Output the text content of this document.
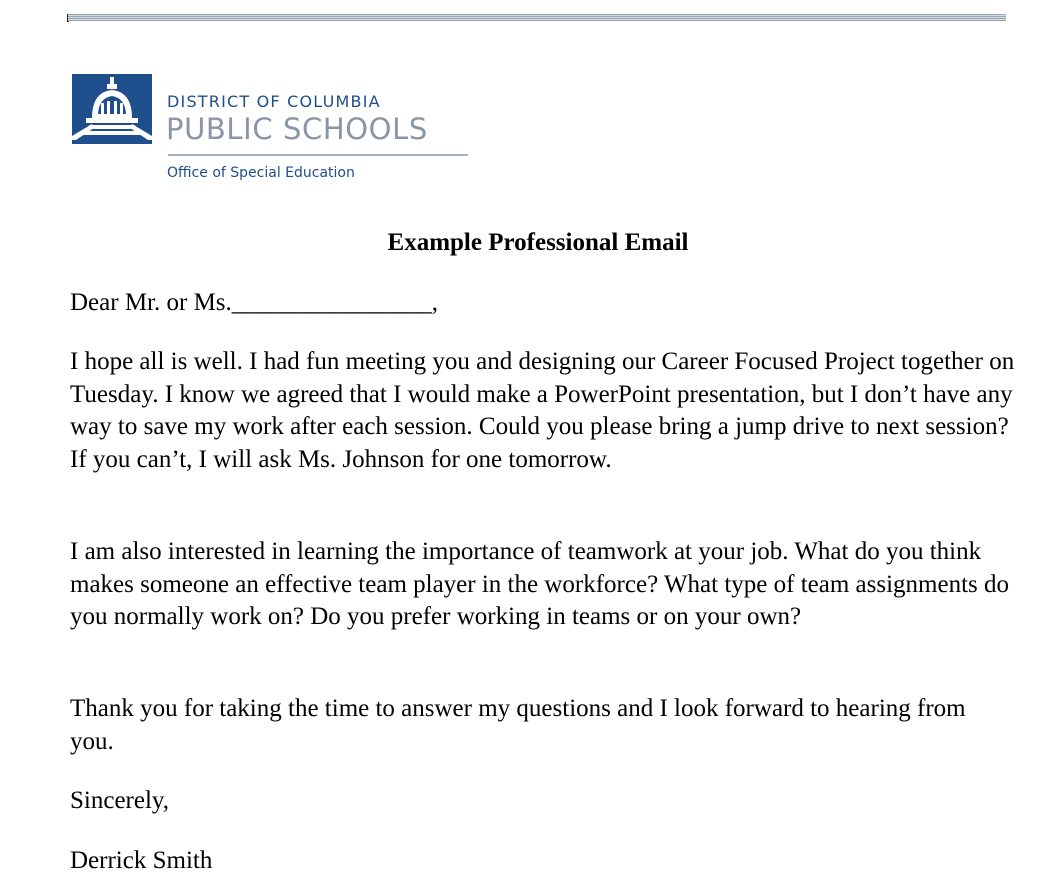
DISTRICT OF COLUMBIA
PUBLIC SCHOOLS
Office of Special Education
Example Professional Email

Dear Mr. or Ms.________________,

I hope all is well. I had fun meeting you and designing our Career Focused Project together on Tuesday. I know we agreed that I would make a PowerPoint presentation, but I don’t have any way to save my work after each session. Could you please bring a jump drive to next session? If you can’t, I will ask Ms. Johnson for one tomorrow.

I am also interested in learning the importance of teamwork at your job. What do you think makes someone an effective team player in the workforce? What type of team assignments do you normally work on? Do you prefer working in teams or on your own?

Thank you for taking the time to answer my questions and I look forward to hearing from you.

Sincerely,

Derrick Smith
